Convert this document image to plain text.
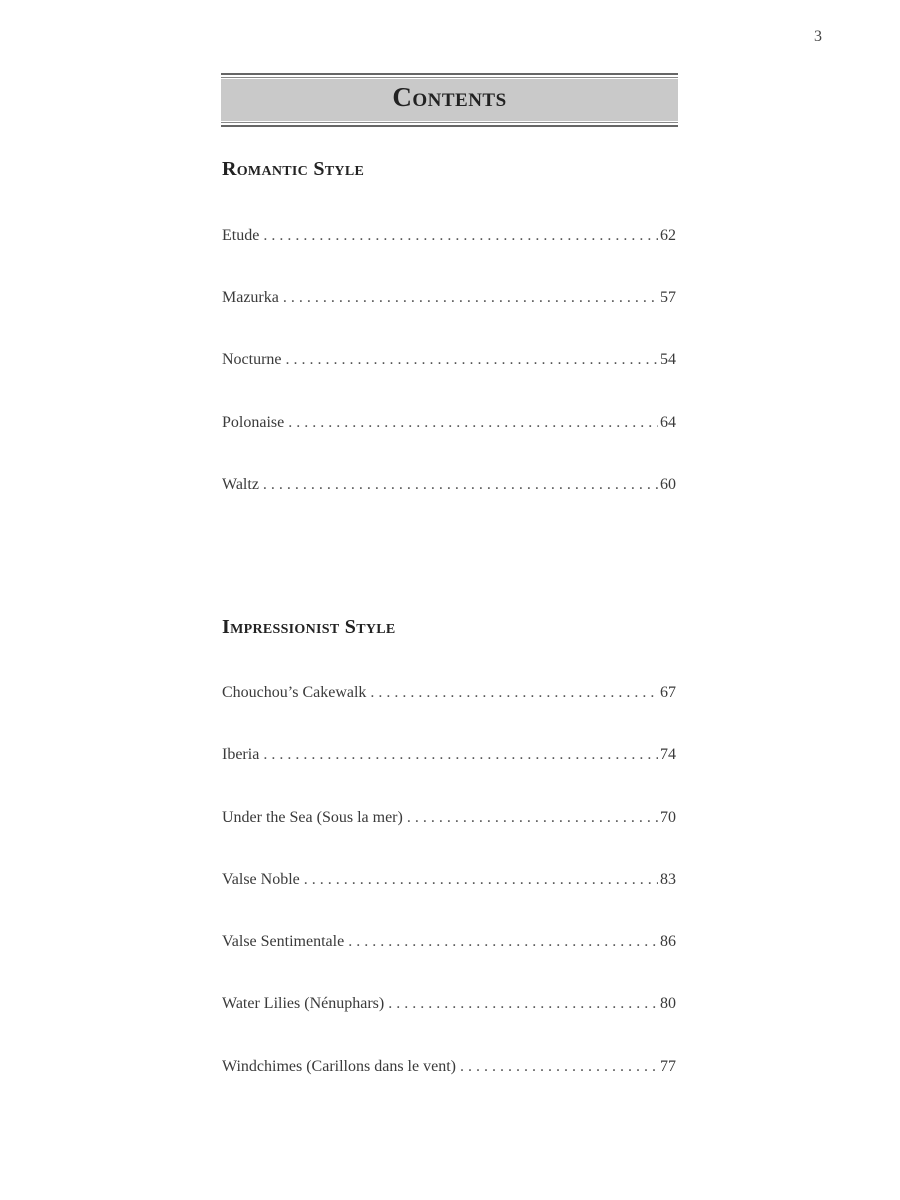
3
Contents
Romantic Style
Etude . . .	62
Mazurka . . .	57
Nocturne . . .	54
Polonaise . . .	64
Waltz . . .	60
Impressionist Style
Chouchou’s Cakewalk . . .	67
Iberia . . .	74
Under the Sea (Sous la mer) . . .	70
Valse Noble . . .	83
Valse Sentimentale . . .	86
Water Lilies (Nénuphars) . . .	80
Windchimes (Carillons dans le vent) . . .	77
